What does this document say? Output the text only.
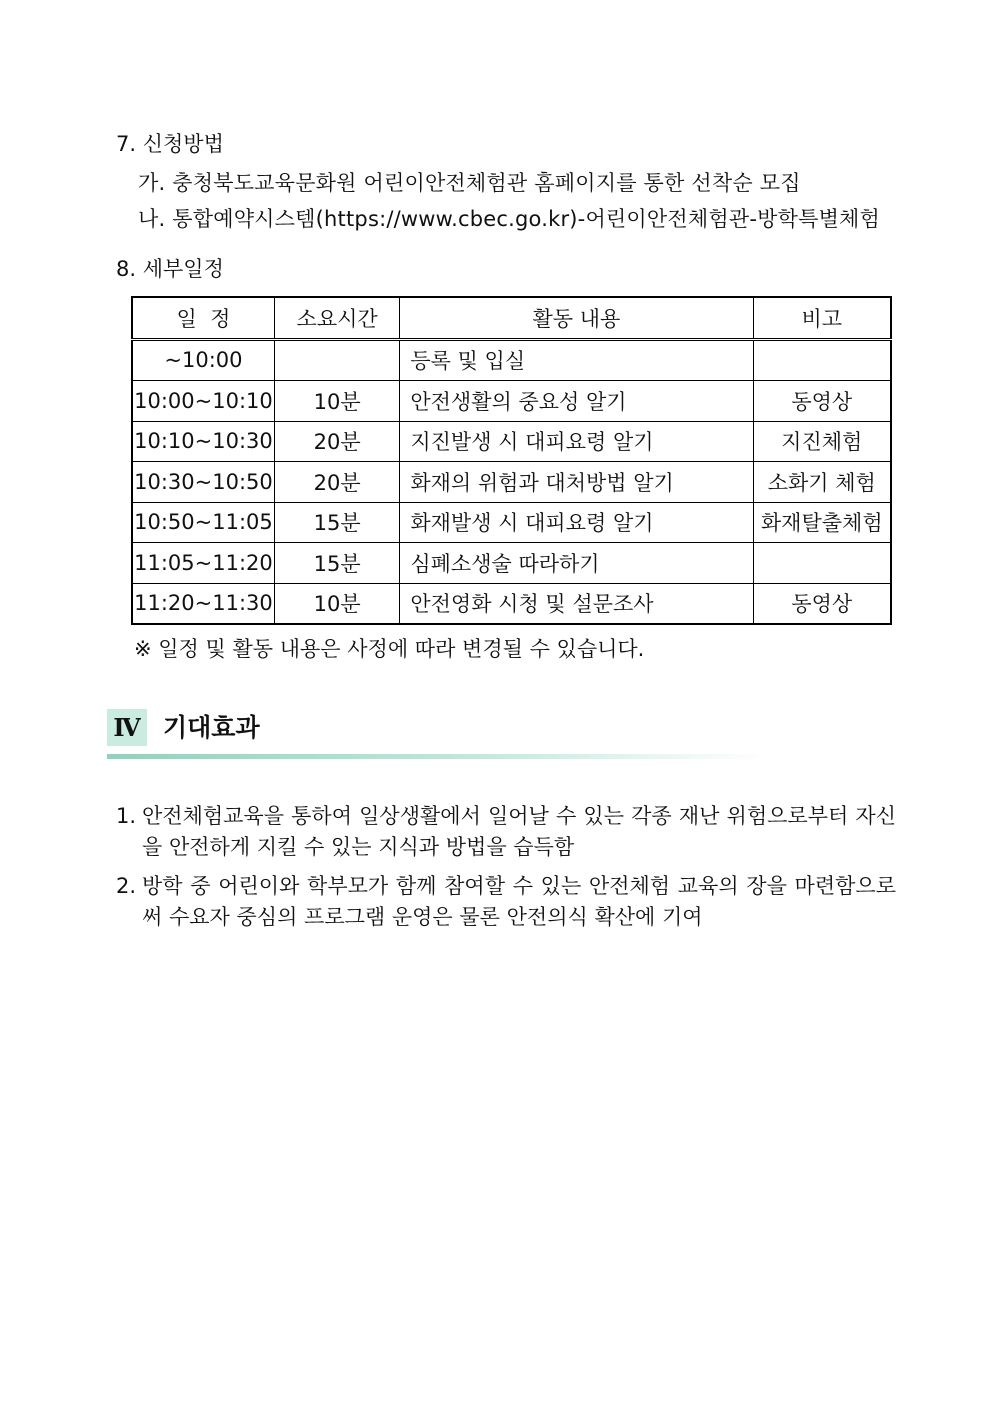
7. 신청방법
가. 충청북도교육문화원 어린이안전체험관 홈페이지를 통한 선착순 모집
나. 통합예약시스템(https://www.cbec.go.kr)-어린이안전체험관-방학특별체험
8. 세부일정
일  정	소요시간	활동 내용	비고
~10:00		등록 및 입실	
10:00~10:10	10분	안전생활의 중요성 알기	동영상
10:10~10:30	20분	지진발생 시 대피요령 알기	지진체험
10:30~10:50	20분	화재의 위험과 대처방법 알기	소화기 체험
10:50~11:05	15분	화재발생 시 대피요령 알기	화재탈출체험
11:05~11:20	15분	심폐소생술 따라하기	
11:20~11:30	10분	안전영화 시청 및 설문조사	동영상
※ 일정 및 활동 내용은 사정에 따라 변경될 수 있습니다.
Ⅳ 기대효과
1. 안전체험교육을 통하여 일상생활에서 일어날 수 있는 각종 재난 위험으로부터 자신을 안전하게 지킬 수 있는 지식과 방법을 습득함
2. 방학 중 어린이와 학부모가 함께 참여할 수 있는 안전체험 교육의 장을 마련함으로써 수요자 중심의 프로그램 운영은 물론 안전의식 확산에 기여
